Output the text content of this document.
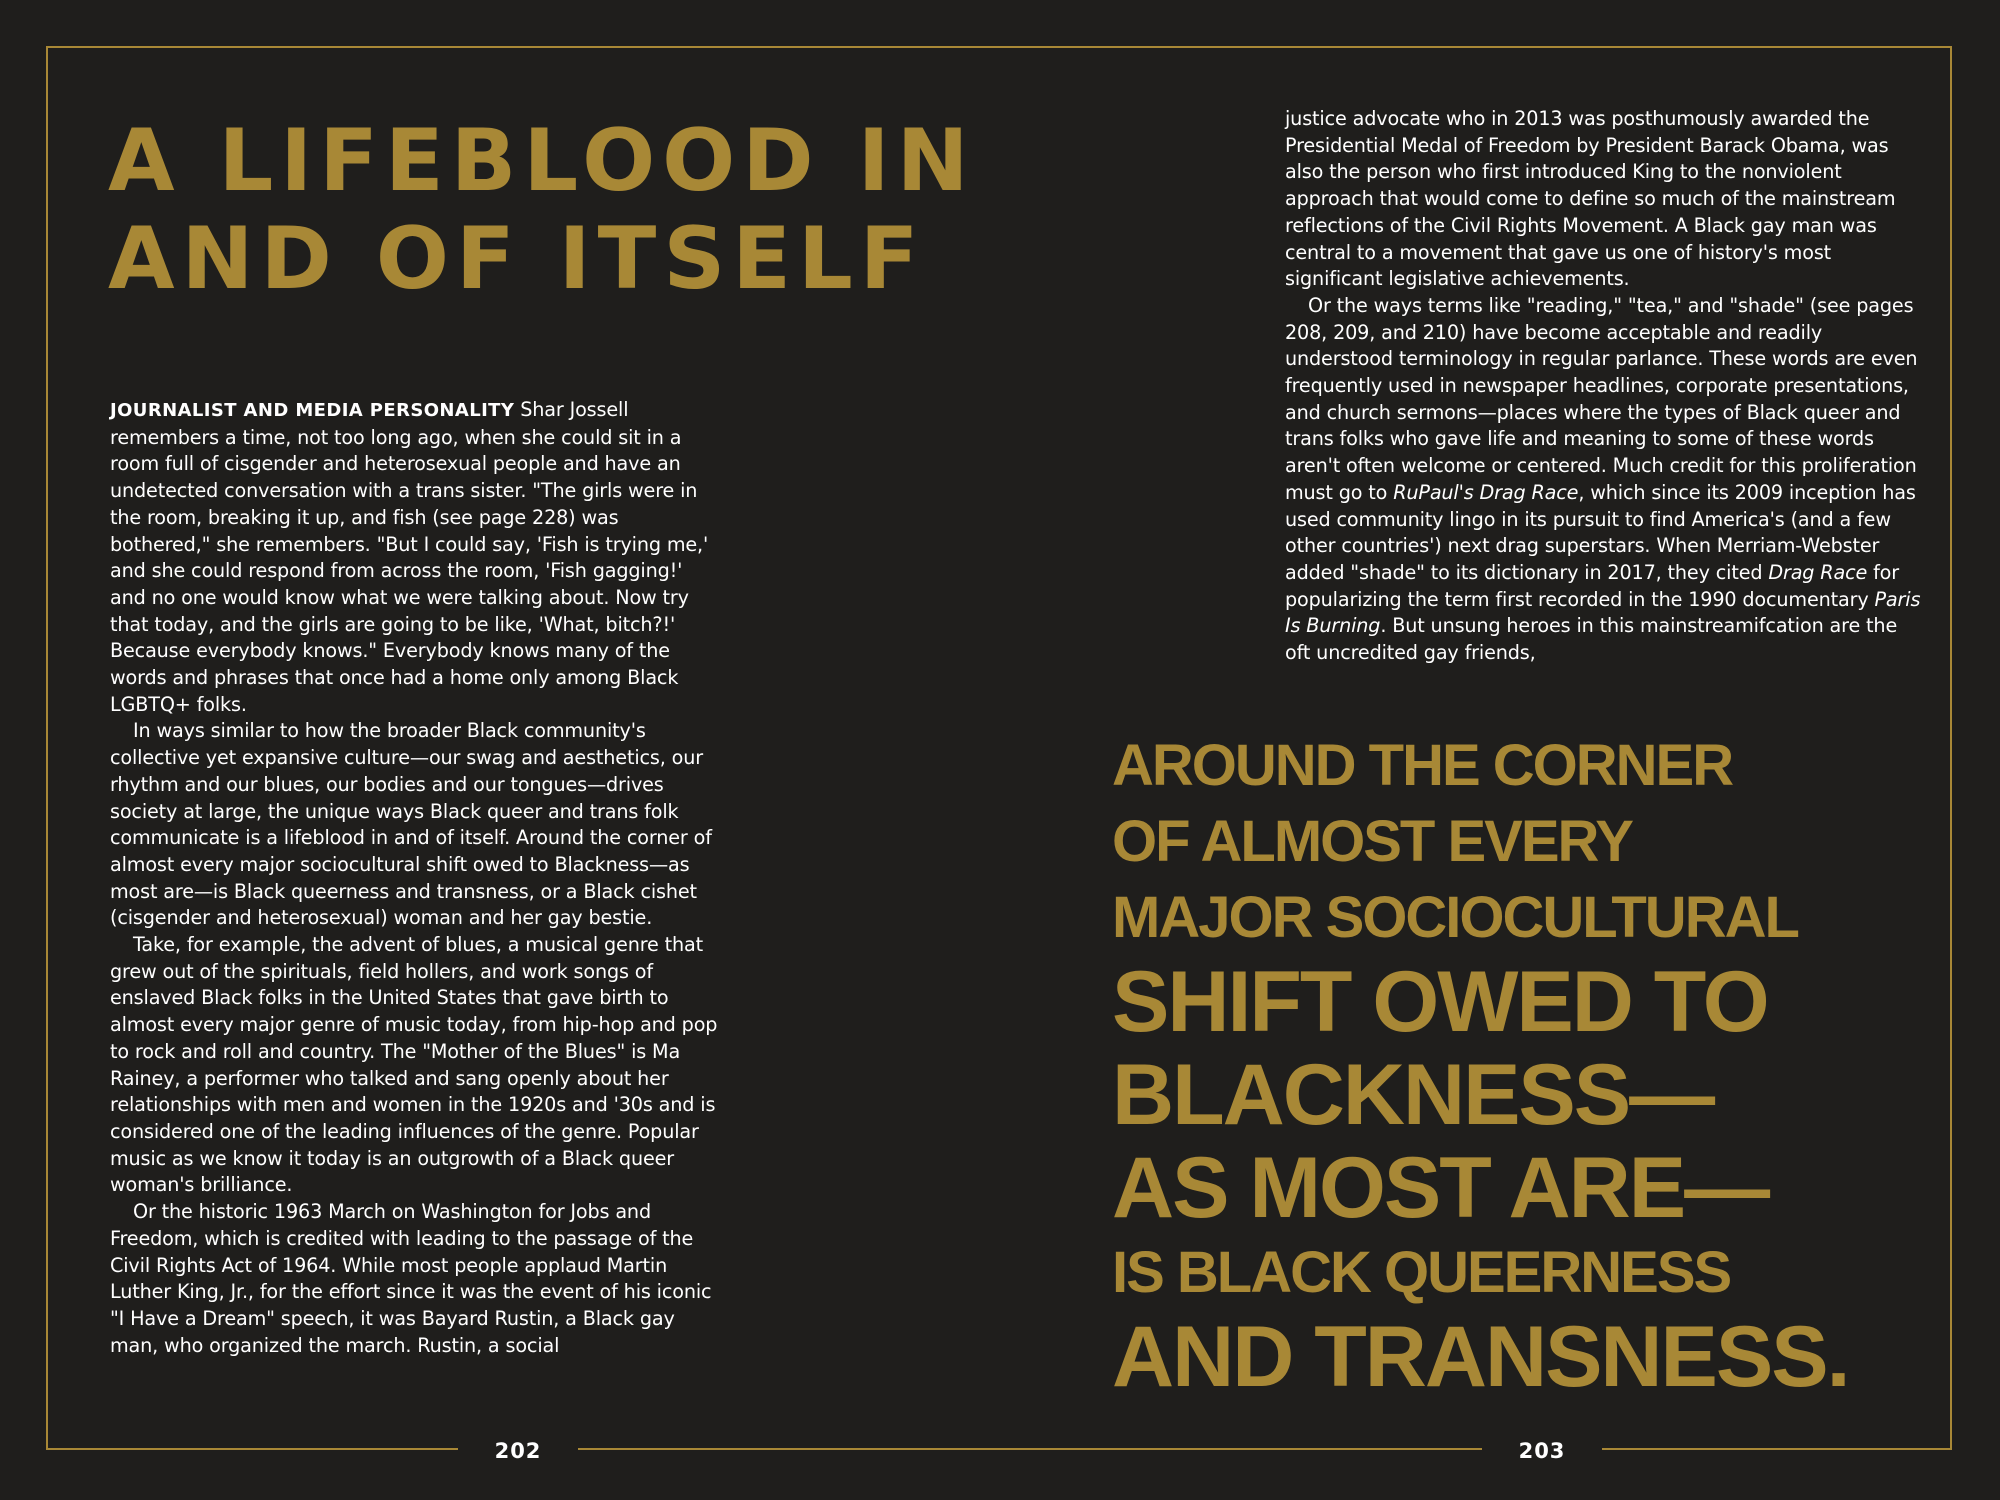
202	203
A LIFEBLOOD IN
AND OF ITSELF

JOURNALIST AND MEDIA PERSONALITY Shar Jossell remembers a time, not too long ago, when she could sit in a room full of cisgender and heterosexual people and have an undetected conversation with a trans sister. "The girls were in the room, breaking it up, and fish (see page 228) was bothered," she remembers. "But I could say, 'Fish is trying me,' and she could respond from across the room, 'Fish gagging!' and no one would know what we were talking about. Now try that today, and the girls are going to be like, 'What, bitch?!' Because everybody knows." Everybody knows many of the words and phrases that once had a home only among Black LGBTQ+ folks.

In ways similar to how the broader Black community's collective yet expansive culture—our swag and aesthetics, our rhythm and our blues, our bodies and our tongues—drives society at large, the unique ways Black queer and trans folk communicate is a lifeblood in and of itself. Around the corner of almost every major sociocultural shift owed to Blackness—as most are—is Black queerness and transness, or a Black cishet (cisgender and heterosexual) woman and her gay bestie.

Take, for example, the advent of blues, a musical genre that grew out of the spirituals, field hollers, and work songs of enslaved Black folks in the United States that gave birth to almost every major genre of music today, from hip-hop and pop to rock and roll and country. The "Mother of the Blues" is Ma Rainey, a performer who talked and sang openly about her relationships with men and women in the 1920s and '30s and is considered one of the leading influences of the genre. Popular music as we know it today is an outgrowth of a Black queer woman's brilliance.

Or the historic 1963 March on Washington for Jobs and Freedom, which is credited with leading to the passage of the Civil Rights Act of 1964. While most people applaud Martin Luther King, Jr., for the effort since it was the event of his iconic "I Have a Dream" speech, it was Bayard Rustin, a Black gay man, who organized the march. Rustin, a social

justice advocate who in 2013 was posthumously awarded the Presidential Medal of Freedom by President Barack Obama, was also the person who first introduced King to the nonviolent approach that would come to define so much of the mainstream reflections of the Civil Rights Movement. A Black gay man was central to a movement that gave us one of history's most significant legislative achievements.

Or the ways terms like "reading," "tea," and "shade" (see pages 208, 209, and 210) have become acceptable and readily understood terminology in regular parlance. These words are even frequently used in newspaper headlines, corporate presentations, and church sermons—places where the types of Black queer and trans folks who gave life and meaning to some of these words aren't often welcome or centered. Much credit for this proliferation must go to RuPaul's Drag Race, which since its 2009 inception has used community lingo in its pursuit to find America's (and a few other countries') next drag superstars. When Merriam-Webster added "shade" to its dictionary in 2017, they cited Drag Race for popularizing the term first recorded in the 1990 documentary Paris Is Burning. But unsung heroes in this mainstreamifcation are the oft uncredited gay friends,

AROUND THE CORNER
OF ALMOST EVERY
MAJOR SOCIOCULTURAL
SHIFT OWED TO
BLACKNESS—
AS MOST ARE—
IS BLACK QUEERNESS
AND TRANSNESS.
